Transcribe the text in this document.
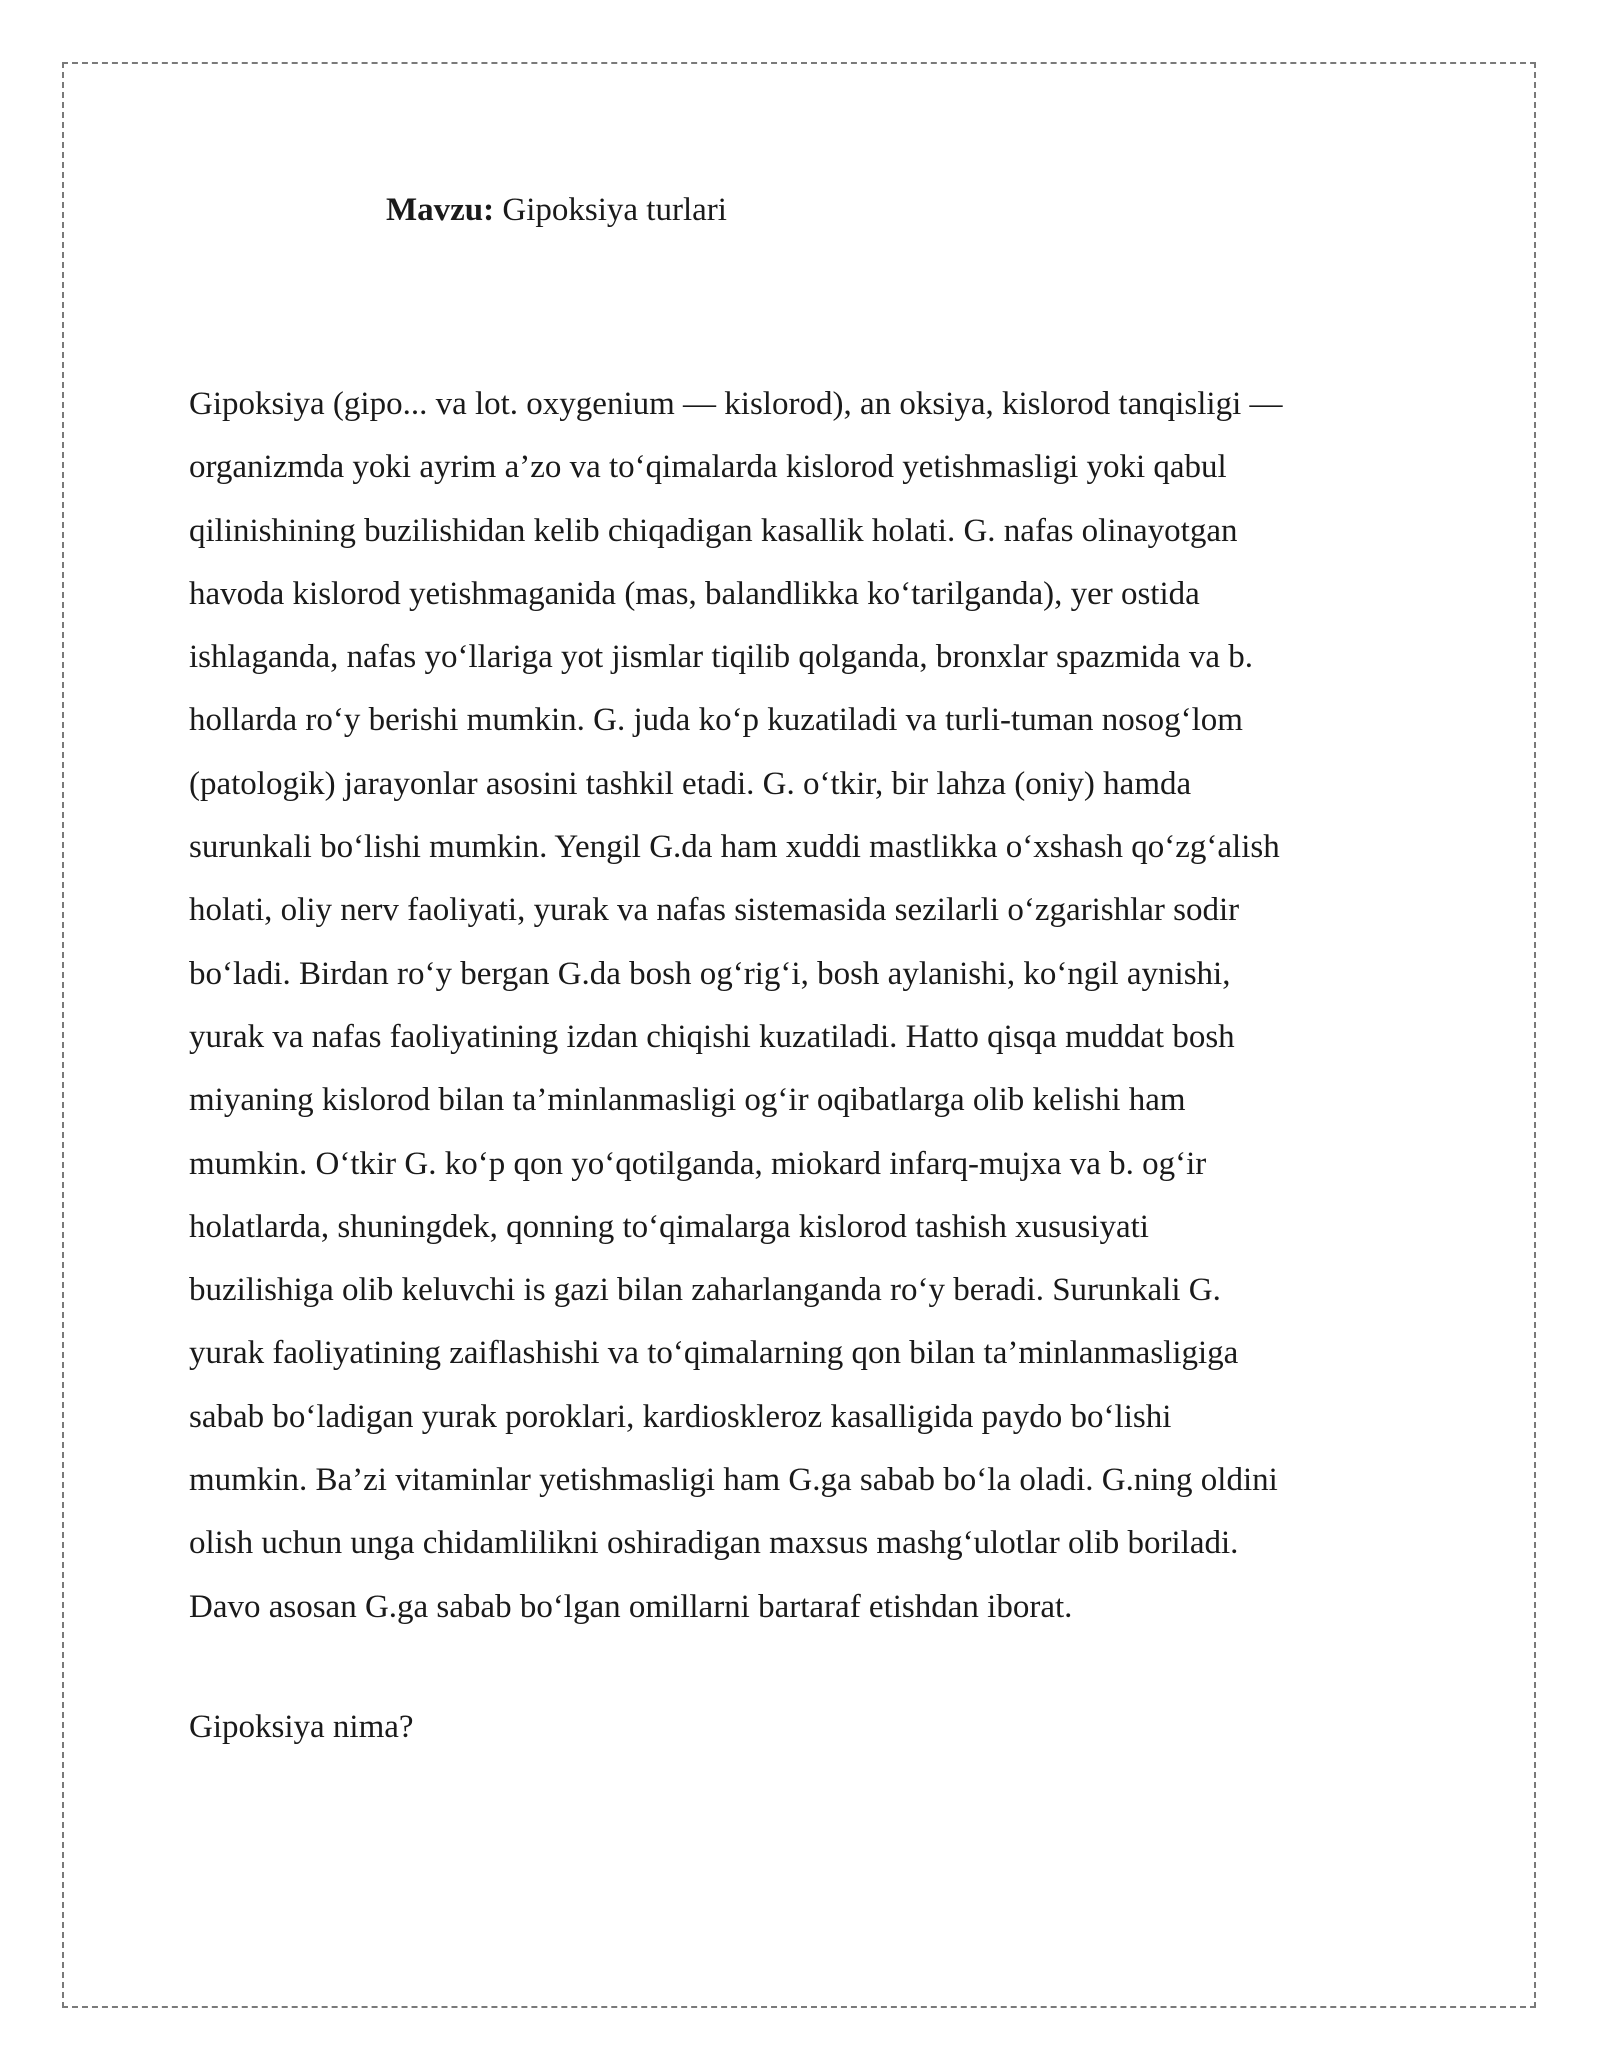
Mavzu: Gipoksiya turlari
Gipoksiya (gipo... va lot. oxygenium — kislorod), an oksiya, kislorod tanqisligi —
organizmda yoki ayrim a’zo va toʻqimalarda kislorod yetishmasligi yoki qabul
qilinishining buzilishidan kelib chiqadigan kasallik holati. G. nafas olinayotgan
havoda kislorod yetishmaganida (mas, balandlikka koʻtarilganda), yer ostida
ishlaganda, nafas yoʻllariga yot jismlar tiqilib qolganda, bronxlar spazmida va b.
hollarda roʻy berishi mumkin. G. juda koʻp kuzatiladi va turli-tuman nosogʻlom
(patologik) jarayonlar asosini tashkil etadi. G. oʻtkir, bir lahza (oniy) hamda
surunkali boʻlishi mumkin. Yengil G.da ham xuddi mastlikka oʻxshash qoʻzgʻalish
holati, oliy nerv faoliyati, yurak va nafas sistemasida sezilarli oʻzgarishlar sodir
boʻladi. Birdan roʻy bergan G.da bosh ogʻrigʻi, bosh aylanishi, koʻngil aynishi,
yurak va nafas faoliyatining izdan chiqishi kuzatiladi. Hatto qisqa muddat bosh
miyaning kislorod bilan ta’minlanmasligi ogʻir oqibatlarga olib kelishi ham
mumkin. Oʻtkir G. koʻp qon yoʻqotilganda, miokard infarq-mujxa va b. ogʻir
holatlarda, shuningdek, qonning toʻqimalarga kislorod tashish xususiyati
buzilishiga olib keluvchi is gazi bilan zaharlanganda roʻy beradi. Surunkali G.
yurak faoliyatining zaiflashishi va toʻqimalarning qon bilan ta’minlanmasligiga
sabab boʻladigan yurak poroklari, kardioskleroz kasalligida paydo boʻlishi
mumkin. Ba’zi vitaminlar yetishmasligi ham G.ga sabab boʻla oladi. G.ning oldini
olish uchun unga chidamlilikni oshiradigan maxsus mashgʻulotlar olib boriladi.
Davo asosan G.ga sabab boʻlgan omillarni bartaraf etishdan iborat.
Gipoksiya nima?
